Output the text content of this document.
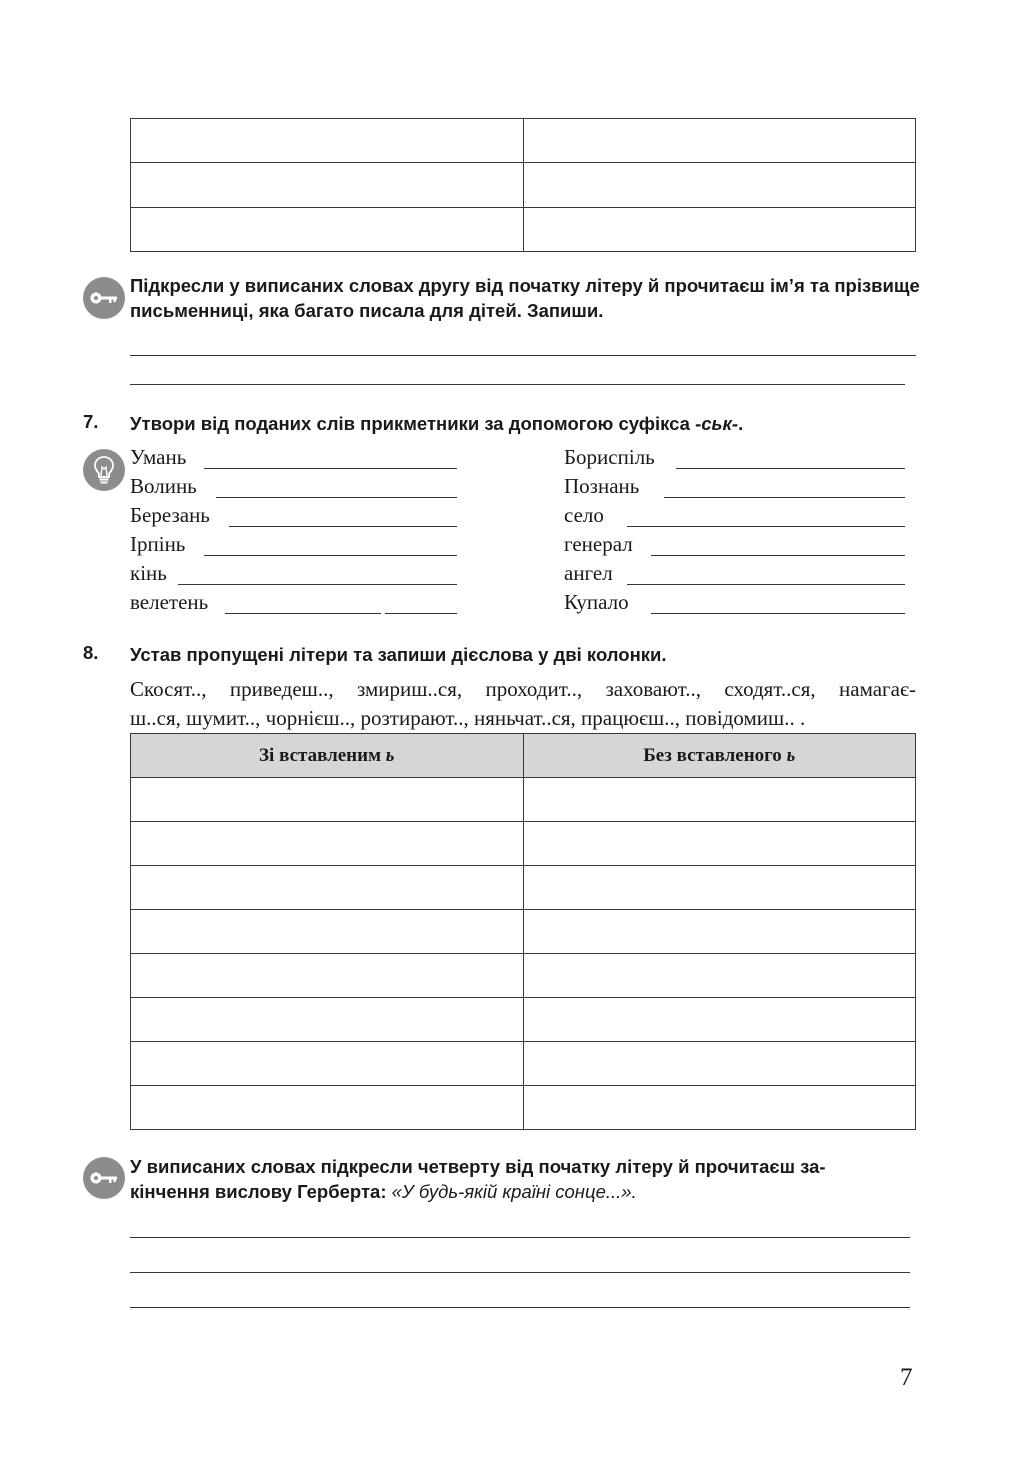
Підкресли у виписаних словах другу від початку літеру й прочитаєш ім’я та прізвище письменниці, яка багато писала для дітей. Запиши.
7. Утвори від поданих слів прикметники за допомогою суфікса -ськ-.
Умань
Волинь
Березань
Ірпінь
кінь
велетень
Бориспіль
Познань
село
генерал
ангел
Купало
8. Устав пропущені літери та запиши дієслова у дві колонки.
Скосят.., приведеш.., змириш..ся, проходит.., заховают.., сходят..ся, намагає-
ш..ся, шумит.., чорнієш.., розтирают.., няньчат..ся, працюєш.., повідомиш.. .
Зі вставленим ь	Без вставленого ь

У виписаних словах підкресли четверту від початку літеру й прочитаєш за-
кінчення вислову Герберта: «У будь-якій країні сонце...».
7
